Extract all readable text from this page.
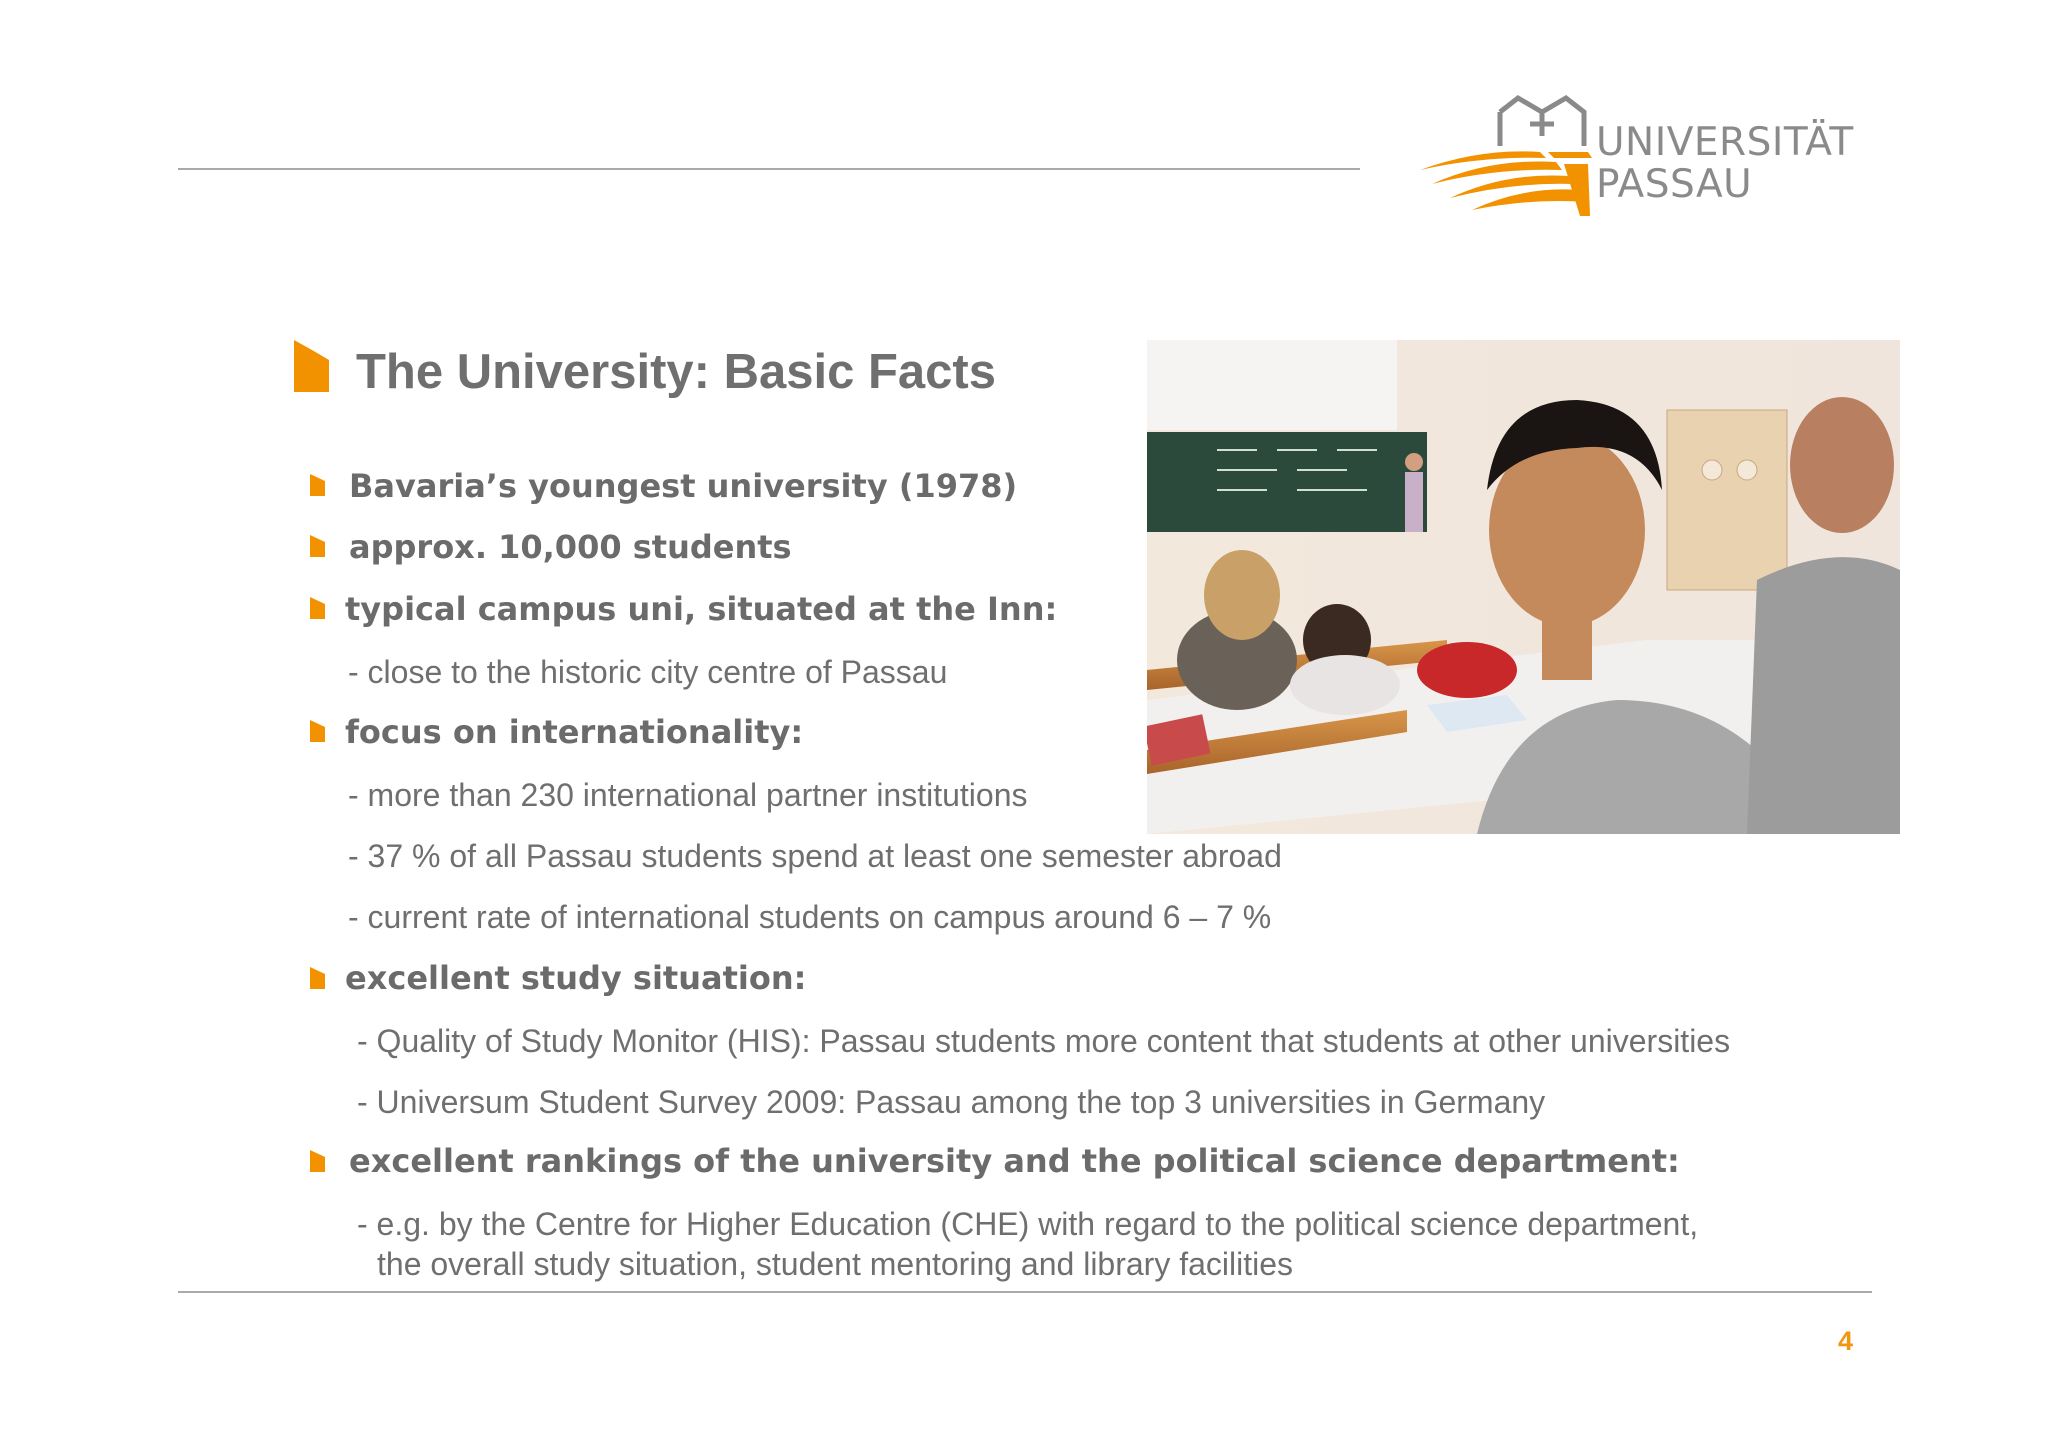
UNIVERSITÄT
PASSAU
The University: Basic Facts
Bavaria’s youngest university (1978)
approx. 10,000 students
typical campus uni, situated at the Inn:
- close to the historic city centre of Passau
focus on internationality:
- more than 230 international partner institutions
- 37 % of all Passau students spend at least one semester abroad
- current rate of international students on campus around 6 – 7 %
excellent study situation:
- Quality of Study Monitor (HIS): Passau students more content that students at other universities
- Universum Student Survey 2009: Passau among the top 3 universities in Germany
excellent rankings of the university and the political science department:
- e.g. by the Centre for Higher Education (CHE) with regard to the political science department,
the overall study situation, student mentoring and library facilities
4
